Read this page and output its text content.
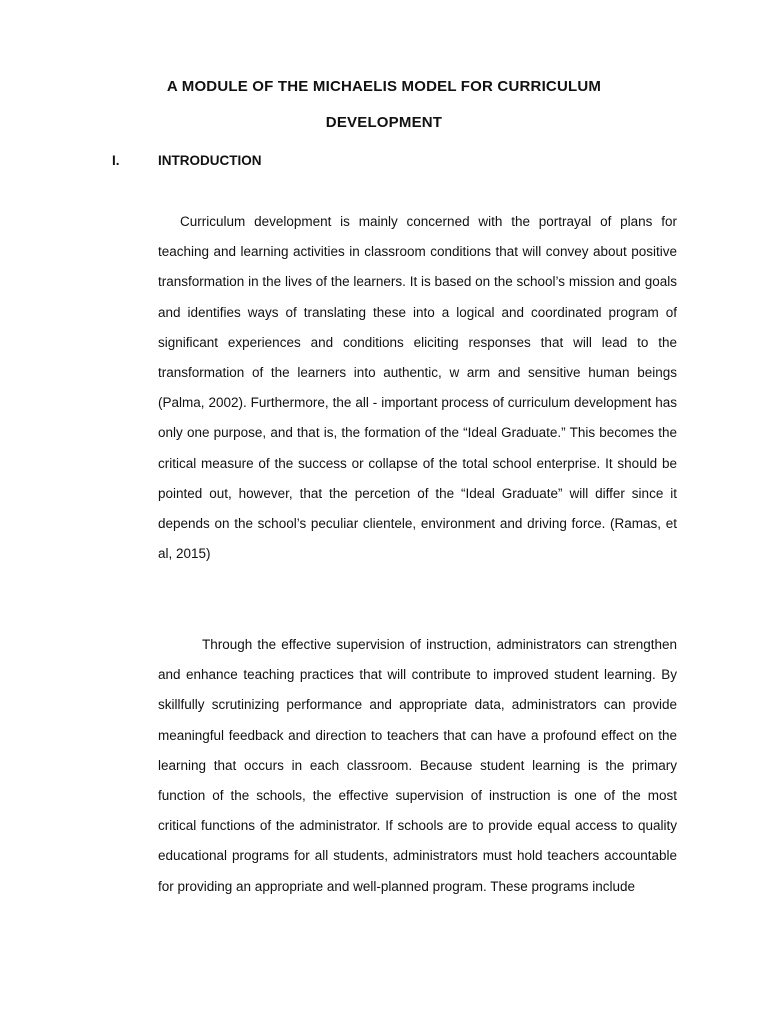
A MODULE OF THE MICHAELIS MODEL FOR CURRICULUM
DEVELOPMENT
I.	INTRODUCTION

Curriculum development is mainly concerned with the portrayal of plans for teaching and learning activities in classroom conditions that will convey about positive transformation in the lives of the learners. It is based on the school’s mission and goals and identifies ways of translating these into a logical and coordinated program of significant experiences and conditions eliciting responses that will lead to the transformation of the learners into authentic, w arm and sensitive human beings (Palma, 2002). Furthermore, the all - important process of curriculum development has only one purpose, and that is, the formation of the “Ideal Graduate.” This becomes the critical measure of the success or collapse of the total school enterprise. It should be pointed out, however, that the percetion of the “Ideal Graduate” will differ since it depends on the school’s peculiar clientele, environment and driving force. (Ramas, et al, 2015)

Through the effective supervision of instruction, administrators can strengthen and enhance teaching practices that will contribute to improved student learning. By skillfully scrutinizing performance and appropriate data, administrators can provide meaningful feedback and direction to teachers that can have a profound effect on the learning that occurs in each classroom. Because student learning is the primary function of the schools, the effective supervision of instruction is one of the most critical functions of the administrator. If schools are to provide equal access to quality educational programs for all students, administrators must hold teachers accountable for providing an appropriate and well-planned program. These programs include
